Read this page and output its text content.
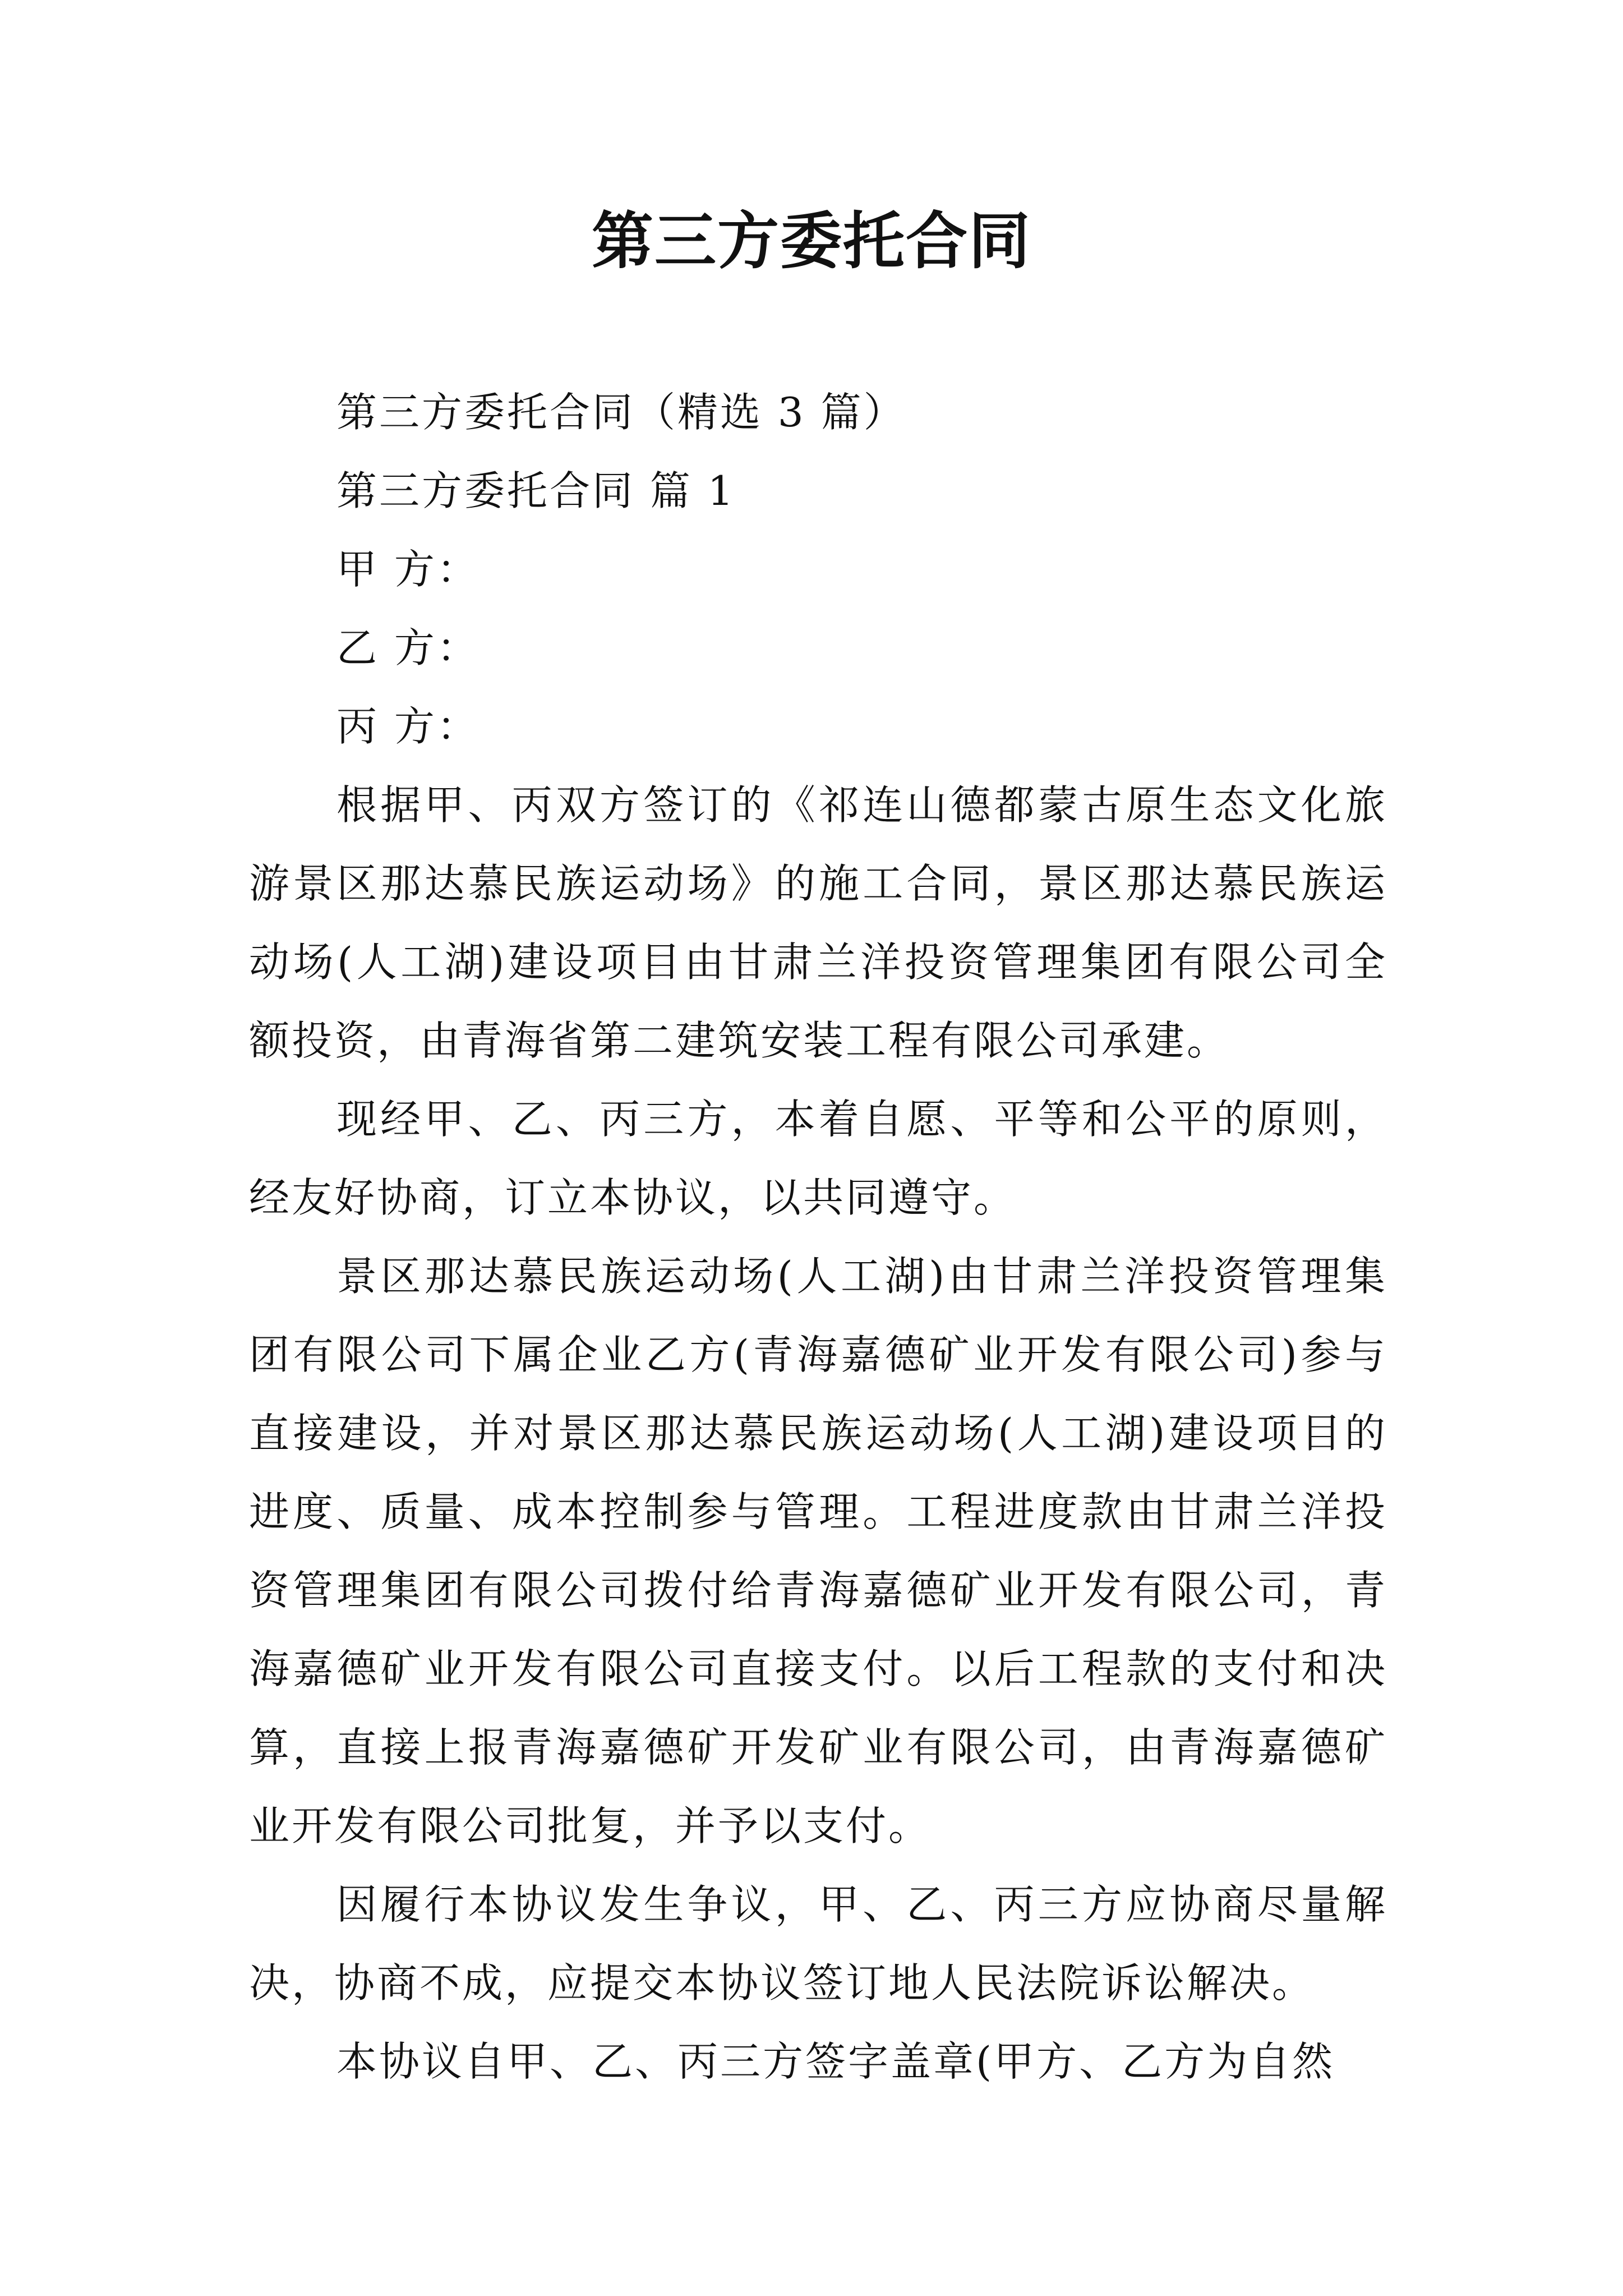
第三方委托合同

第三方委托合同（精选 3 篇）

第三方委托合同 篇 1

甲 方：

乙 方：

丙 方：

根据甲、丙双方签订的《祁连山德都蒙古原生态文化旅游景区那达慕民族运动场》的施工合同，景区那达慕民族运动场(人工湖)建设项目由甘肃兰洋投资管理集团有限公司全额投资，由青海省第二建筑安装工程有限公司承建。

现经甲、乙、丙三方，本着自愿、平等和公平的原则，经友好协商，订立本协议，以共同遵守。

景区那达慕民族运动场(人工湖)由甘肃兰洋投资管理集团有限公司下属企业乙方(青海嘉德矿业开发有限公司)参与直接建设，并对景区那达慕民族运动场(人工湖)建设项目的进度、质量、成本控制参与管理。工程进度款由甘肃兰洋投资管理集团有限公司拨付给青海嘉德矿业开发有限公司，青海嘉德矿业开发有限公司直接支付。以后工程款的支付和决算，直接上报青海嘉德矿开发矿业有限公司，由青海嘉德矿业开发有限公司批复，并予以支付。

因履行本协议发生争议，甲、乙、丙三方应协商尽量解决，协商不成，应提交本协议签订地人民法院诉讼解决。

本协议自甲、乙、丙三方签字盖章(甲方、乙方为自然
